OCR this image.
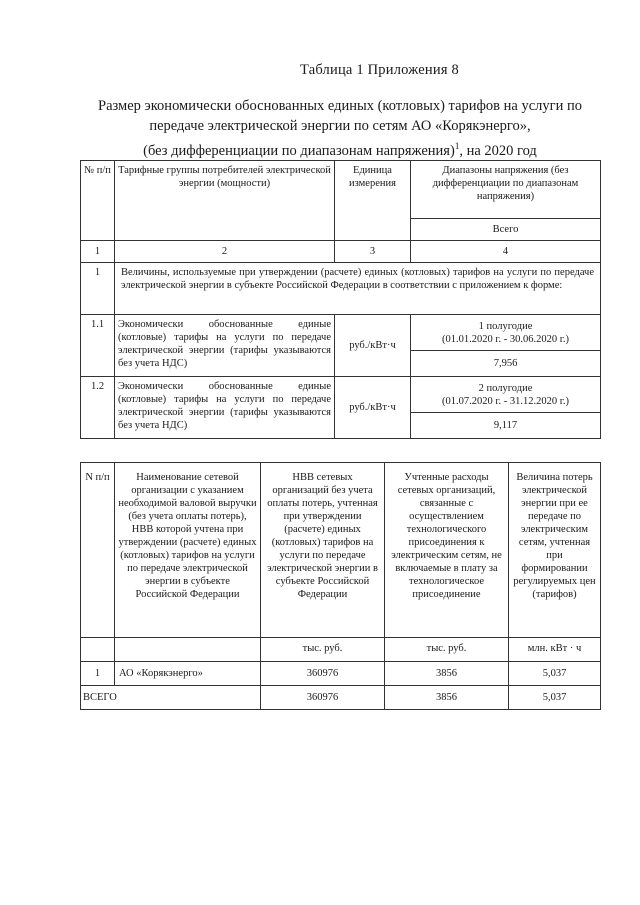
Таблица 1 Приложения 8
Размер экономически обоснованных единых (котловых) тарифов на услуги по
передаче электрической энергии по сетям АО «Корякэнерго»,
(без дифференциации по диапазонам напряжения)$^1$, на 2020 год
№ п/п	Тарифные группы потребителей электрической энергии (мощности)	Единица измерения	Диапазоны напряжения (без дифференциации по диапазонам напряжения)
			Всего
1	2	3	4
1	Величины, используемые при утверждении (расчете) единых (котловых) тарифов на услуги по передаче электрической энергии в субъекте Российской Федерации в соответствии с приложением к форме:		
1.1	Экономически обоснованные единые (котловые) тарифы на услуги по передаче электрической энергии (тарифы указываются без учета НДС)	руб./кВт·ч	1 полугодие
(01.01.2020 г. - 30.06.2020 г.)

			7,956
1.2	Экономически обоснованные единые (котловые) тарифы на услуги по передаче электрической энергии (тарифы указываются без учета НДС)	руб./кВт·ч	2 полугодие
(01.07.2020 г. - 31.12.2020 г.)

			9,117
N п/п	Наименование сетевой организации с указанием необходимой валовой выручки (без учета оплаты потерь), НВВ которой учтена при утверждении (расчете) единых (котловых) тарифов на услуги по передаче электрической энергии в субъекте Российской Федерации	НВВ сетевых организаций без учета оплаты потерь, учтенная при утверждении (расчете) единых (котловых) тарифов на услуги по передаче электрической энергии в субъекте Российской Федерации	Учтенные расходы сетевых организаций, связанные с осуществлением технологического присоединения к электрическим сетям, не включаемые в плату за технологическое присоединение	Величина потерь электрической энергии при ее передаче по электрическим сетям, учтенная при формировании регулируемых цен (тарифов)
		тыс. руб.	тыс. руб.	млн. кВт · ч
1	АО «Корякэнерго»	360976	3856	5,037
ВСЕГО		360976	3856	5,037
